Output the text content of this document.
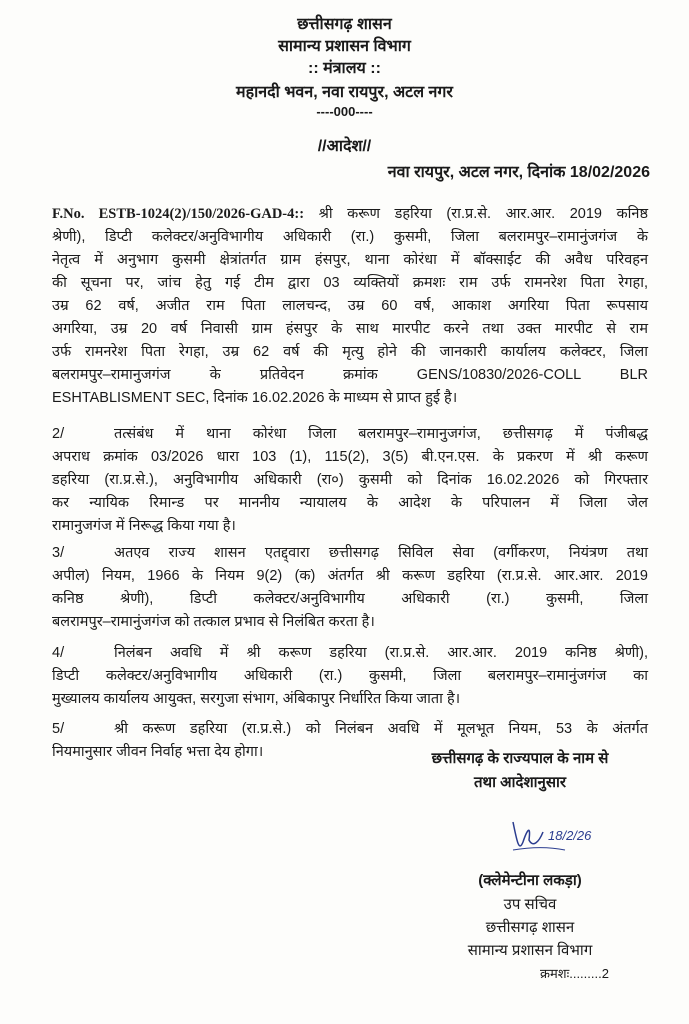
छत्तीसगढ़ शासन
सामान्य प्रशासन विभाग
:: मंत्रालय ::
महानदी भवन, नवा रायपुर, अटल नगर
----000----
//आदेश//
नवा रायपुर, अटल नगर, दिनांक 18/02/2026
छत्तीसगढ़ के राज्यपाल के नाम से
तथा आदेशानुसार
18/2/26
(क्लेमेन्टीना लकड़ा)
उप सचिव
छत्तीसगढ़ शासन
सामान्य प्रशासन विभाग
क्रमशः.........2
F.No. ESTB-1024(2)/150/2026-GAD-4:: श्री करूण डहरिया (रा.प्र.से. आर.आर. 2019 कनिष्ठ
श्रेणी), डिप्टी कलेक्टर/अनुविभागीय अधिकारी (रा.) कुसमी, जिला बलरामपुर–रामानुंजगंज के
नेतृत्व में अनुभाग कुसमी क्षेत्रांतर्गत ग्राम हंसपुर, थाना कोरंधा में बॉक्साईट की अवैध परिवहन
की सूचना पर, जांच हेतु गई टीम द्वारा 03 व्यक्तियों क्रमशः राम उर्फ रामनरेश पिता रेगहा,
उम्र 62 वर्ष, अजीत राम पिता लालचन्द, उम्र 60 वर्ष, आकाश अगरिया पिता रूपसाय
अगरिया, उम्र 20 वर्ष निवासी ग्राम हंसपुर के साथ मारपीट करने तथा उक्त मारपीट से राम
उर्फ रामनरेश पिता रेगहा, उम्र 62 वर्ष की मृत्यु होने की जानकारी कार्यालय कलेक्टर, जिला
बलरामपुर–रामानुजगंज के प्रतिवेदन क्रमांक GENS/10830/2026-COLL BLR
ESHTABLISMENT SEC, दिनांक 16.02.2026 के माध्यम से प्राप्त हुई है।
2/	तत्संबंध में थाना कोरंधा जिला बलरामपुर–रामानुजगंज, छत्तीसगढ़ में पंजीबद्ध
अपराध क्रमांक 03/2026 धारा 103 (1), 115(2), 3(5) बी.एन.एस. के प्रकरण में श्री करूण
डहरिया (रा.प्र.से.), अनुविभागीय अधिकारी (रा०) कुसमी को दिनांक 16.02.2026 को गिरफ्तार
कर न्यायिक रिमान्ड पर माननीय न्यायालय के आदेश के परिपालन में जिला जेल
रामानुजगंज में निरूद्ध किया गया है।
3/	अतएव राज्य शासन एतद्द्वारा छत्तीसगढ़ सिविल सेवा (वर्गीकरण, नियंत्रण तथा
अपील) नियम, 1966 के नियम 9(2) (क) अंतर्गत श्री करूण डहरिया (रा.प्र.से. आर.आर. 2019
कनिष्ठ श्रेणी), डिप्टी कलेक्टर/अनुविभागीय अधिकारी (रा.) कुसमी, जिला
बलरामपुर–रामानुंजगंज को तत्काल प्रभाव से निलंबित करता है।
4/	निलंबन अवधि में श्री करूण डहरिया (रा.प्र.से. आर.आर. 2019 कनिष्ठ श्रेणी),
डिप्टी कलेक्टर/अनुविभागीय अधिकारी (रा.) कुसमी, जिला बलरामपुर–रामानुंजगंज का
मुख्यालय कार्यालय आयुक्त, सरगुजा संभाग, अंबिकापुर निर्धारित किया जाता है।
5/	श्री करूण डहरिया (रा.प्र.से.) को निलंबन अवधि में मूलभूत नियम, 53 के अंतर्गत
नियमानुसार जीवन निर्वाह भत्ता देय होगा।
